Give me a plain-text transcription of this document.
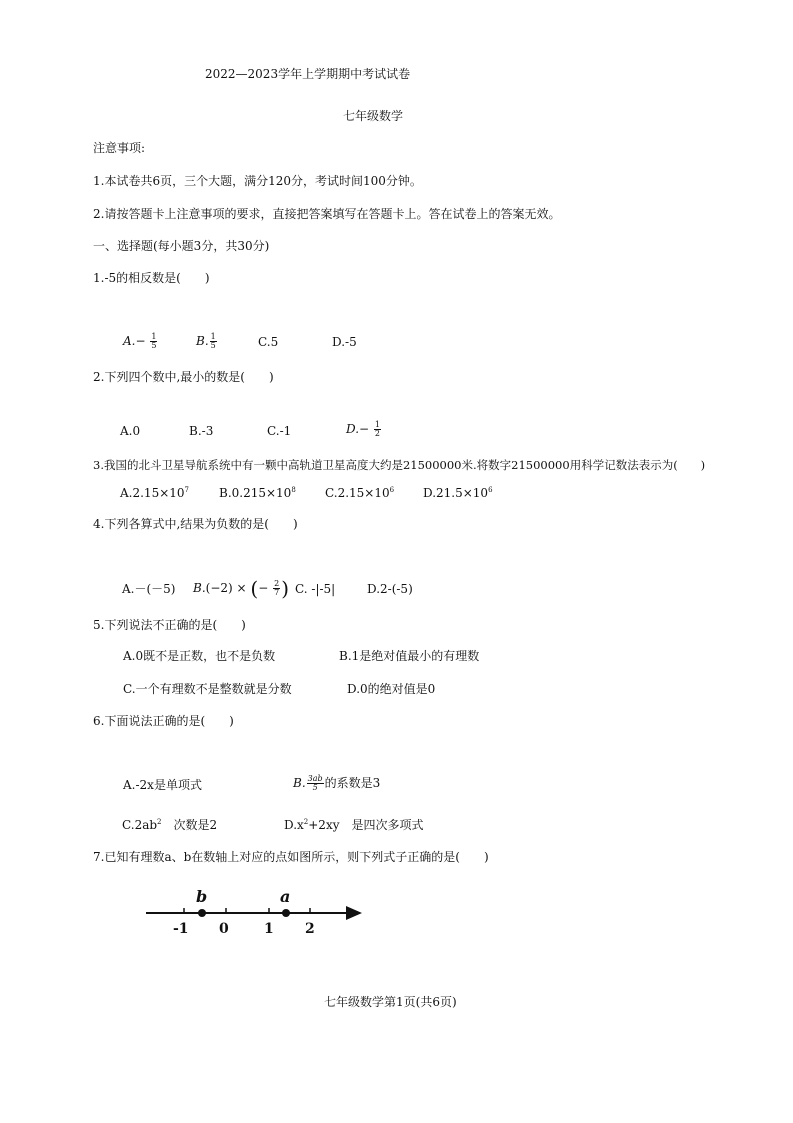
2022—2023学年上学期期中考试试卷
七年级数学
注意事项:
1.本试卷共6页，三个大题，满分120分，考试时间100分钟。
2.请按答题卡上注意事项的要求，直接把答案填写在答题卡上。答在试卷上的答案无效。
一、选择题(每小题3分，共30分)
1.-5的相反数是(　　)
$A.- \frac{1}{5}$	B. $\frac{1}{5}$	C.5	D.-5
2.下列四个数中,最小的数是(　　)
A.0	B.-3	C.-1	$D.- \frac{1}{2}$
3.我国的北斗卫星导航系统中有一颗中高轨道卫星高度大约是21500000米.将数字21500000用科学记数法表示为(　　)
$A.2.15\times 10^7$	$B.0.215\times 10^8$ $C.2.15\times 10^6$ $D.21.5\times 10^6$
4.下列各算式中,结果为负数的是(　　)
A.－(－5) B.(−2) × (− $\frac{2}{7}$ ) C. -|-5|	D.2-(-5)
5.下列说法不正确的是(　　)
A.0既不是正数，也不是负数	B.1是绝对值最小的有理数
C.一个有理数不是整数就是分数	D.0的绝对值是0
6.下面说法正确的是(　　)
A.-2x是单项式	B. $\frac{3ab}{5}$ 的系数是3
$C.2ab^2$　次数是2	$D.x^2+2xy$　是四次多项式
7.已知有理数a、b在数轴上对应的点如图所示，则下列式子正确的是(　　)
b	a
-1 0	1 2
七年级数学第1页(共6页)
